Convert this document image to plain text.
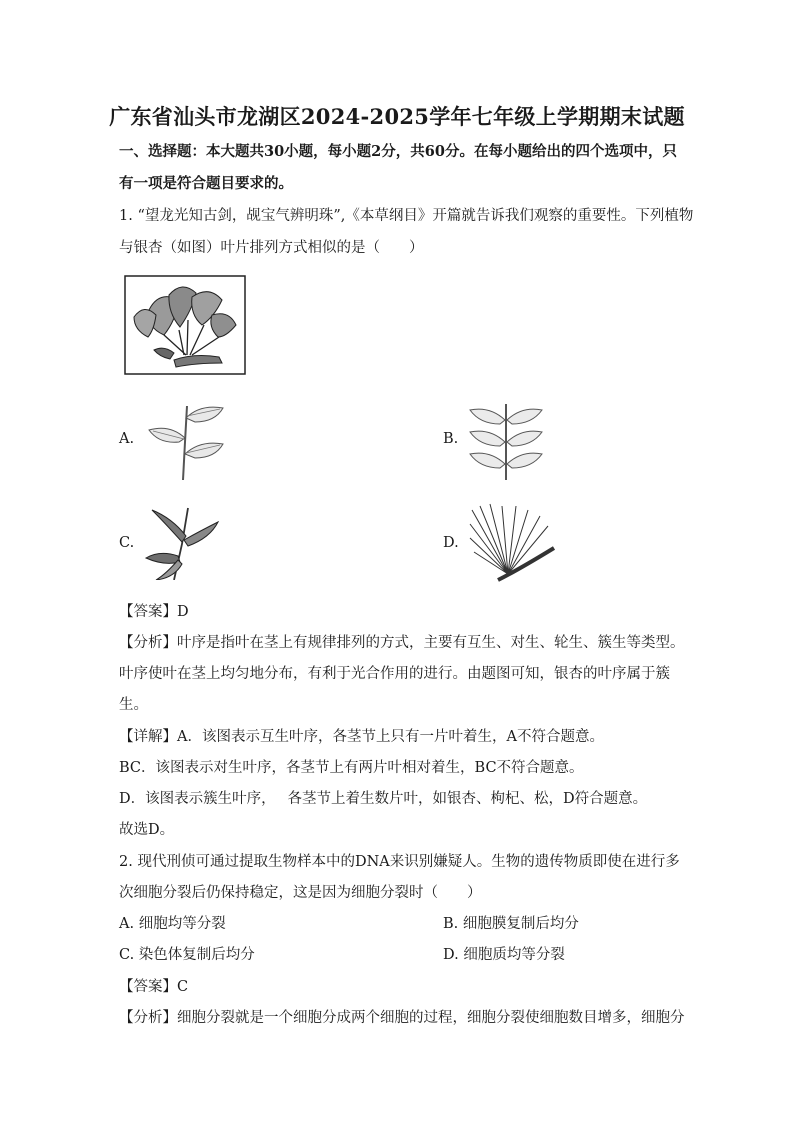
广东省汕头市龙湖区2024-2025学年七年级上学期期末试题
一、选择题：本大题共30小题，每小题2分，共60分。在每小题给出的四个选项中，只
有一项是符合题目要求的。
1. “望龙光知古剑，觇宝气辨明珠”,《本草纲目》开篇就告诉我们观察的重要性。下列植物
与银杏（如图）叶片排列方式相似的是（　　）
A.	B.
C.	D.
【答案】D
【分析】叶序是指叶在茎上有规律排列的方式，主要有互生、对生、轮生、簇生等类型。
叶序使叶在茎上均匀地分布，有利于光合作用的进行。由题图可知，银杏的叶序属于簇
生。
【详解】A．该图表示互生叶序，各茎节上只有一片叶着生，A不符合题意。
BC．该图表示对生叶序，各茎节上有两片叶相对着生，BC不符合题意。
D．该图表示簇生叶序，　 各茎节上着生数片叶，如银杏、枸杞、松，D符合题意。
故选D。
2. 现代刑侦可通过提取生物样本中的DNA来识别嫌疑人。生物的遗传物质即使在进行多
次细胞分裂后仍保持稳定，这是因为细胞分裂时（　　）
A. 细胞均等分裂	B. 细胞膜复制后均分
C. 染色体复制后均分	D. 细胞质均等分裂
【答案】C
【分析】细胞分裂就是一个细胞分成两个细胞的过程，细胞分裂使细胞数目增多，细胞分
